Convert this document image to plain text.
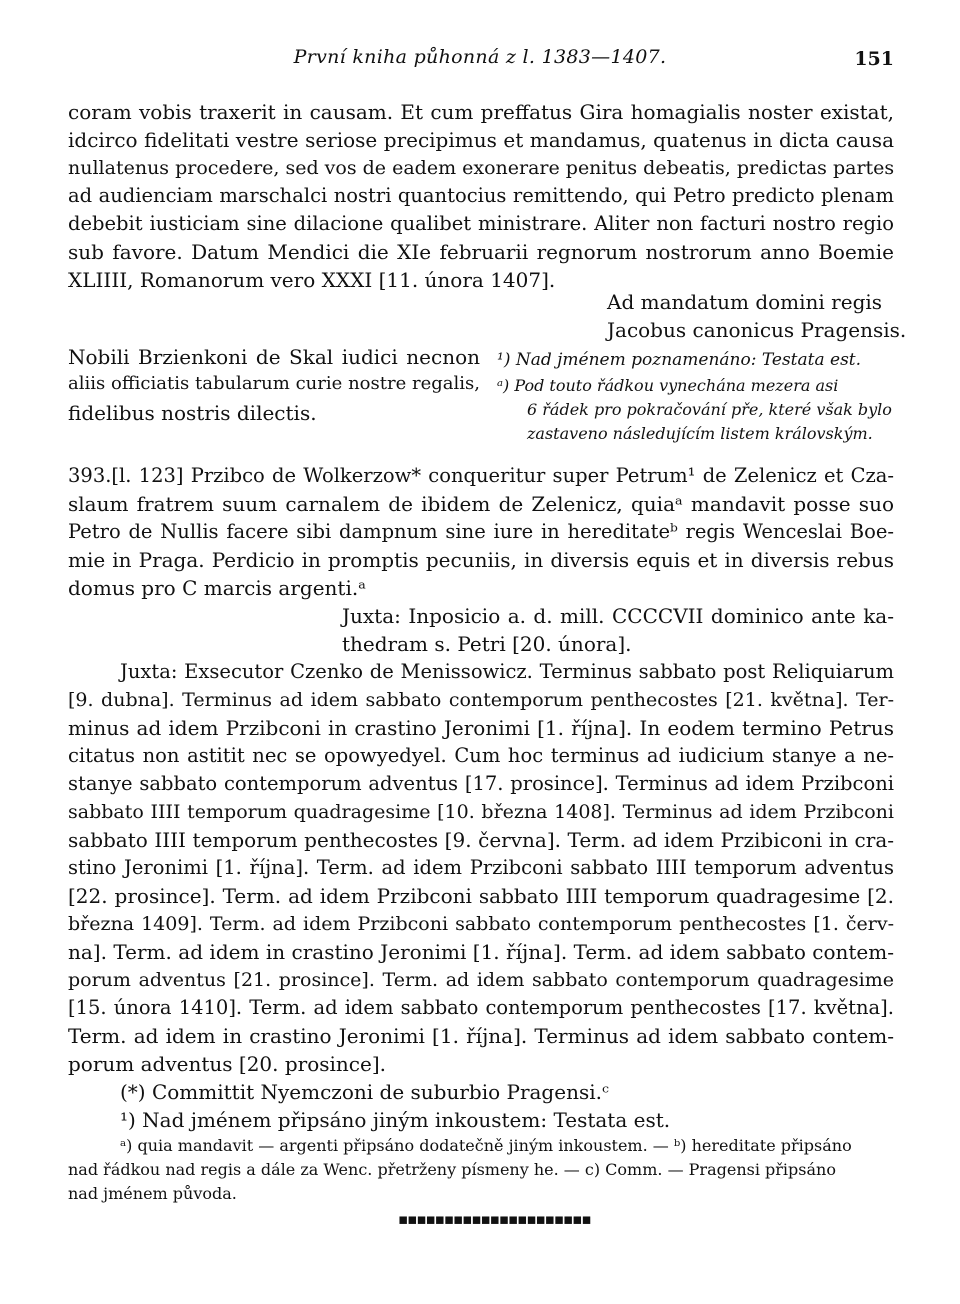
První kniha půhonná z l. 1383—1407.	151
coram vobis traxerit in causam. Et cum preffatus Gira homagialis noster existat,
idcirco fidelitati vestre seriose precipimus et mandamus, quatenus in dicta causa
nullatenus procedere, sed vos de eadem exonerare penitus debeatis, predictas partes
ad audienciam marschalci nostri quantocius remittendo, qui Petro predicto plenam
debebit iusticiam sine dilacione qualibet ministrare. Aliter non facturi nostro regio
sub favore. Datum Mendici die XIe februarii regnorum nostrorum anno Boemie
XLIIII, Romanorum vero XXXI [11. února 1407].
Ad mandatum domini regis
Jacobus canonicus Pragensis.
Nobili Brzienkoni de Skal iudici necnon
aliis officiatis tabularum curie nostre regalis,
fidelibus nostris dilectis.
¹) Nad jménem poznamenáno: Testata est.
ᵃ) Pod touto řádkou vynechána mezera asi
6 řádek pro pokračování pře, které však bylo
zastaveno následujícím listem královským.
393.[l. 123] Przibco de Wolkerzow* conqueritur super Petrum¹ de Zelenicz et Cza-
slaum fratrem suum carnalem de ibidem de Zelenicz, quiaᵃ mandavit posse suo
Petro de Nullis facere sibi dampnum sine iure in hereditateᵇ regis Wenceslai Boe-
mie in Praga. Perdicio in promptis pecuniis, in diversis equis et in diversis rebus
domus pro C marcis argenti.ᵃ
Juxta: Inposicio a. d. mill. CCCCVII dominico ante ka-
thedram s. Petri [20. února].
Juxta: Exsecutor Czenko de Menissowicz. Terminus sabbato post Reliquiarum
[9. dubna]. Terminus ad idem sabbato contemporum penthecostes [21. května]. Ter-
minus ad idem Przibconi in crastino Jeronimi [1. října]. In eodem termino Petrus
citatus non astitit nec se opowyedyel. Cum hoc terminus ad iudicium stanye a ne-
stanye sabbato contemporum adventus [17. prosince]. Terminus ad idem Przibconi
sabbato IIII temporum quadragesime [10. března 1408]. Terminus ad idem Przibconi
sabbato IIII temporum penthecostes [9. června]. Term. ad idem Przibiconi in cra-
stino Jeronimi [1. října]. Term. ad idem Przibconi sabbato IIII temporum adventus
[22. prosince]. Term. ad idem Przibconi sabbato IIII temporum quadragesime [2.
března 1409]. Term. ad idem Przibconi sabbato contemporum penthecostes [1. červ-
na]. Term. ad idem in crastino Jeronimi [1. října]. Term. ad idem sabbato contem-
porum adventus [21. prosince]. Term. ad idem sabbato contemporum quadragesime
[15. února 1410]. Term. ad idem sabbato contemporum penthecostes [17. května].
Term. ad idem in crastino Jeronimi [1. října]. Terminus ad idem sabbato contem-
porum adventus [20. prosince].
(*) Committit Nyemczoni de suburbio Pragensi.ᶜ
¹) Nad jménem připsáno jiným inkoustem: Testata est.
ᵃ) quia mandavit — argenti připsáno dodatečně jiným inkoustem. — ᵇ) hereditate připsáno
nad řádkou nad regis a dále za Wenc. přetrženy písmeny he. — c) Comm. — Pragensi připsáno
nad jménem původa.
▪▪▪▪▪▪▪▪▪▪▪▪▪▪▪▪▪▪▪▪▪
